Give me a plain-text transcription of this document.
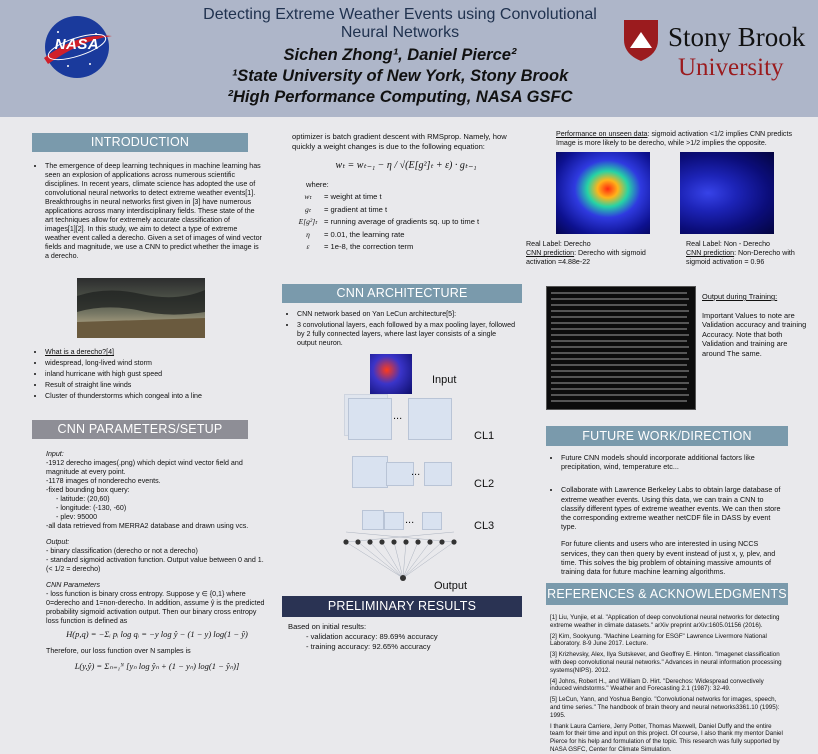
NASA
Detecting Extreme Weather Events using Convolutional Neural Networks
Sichen Zhong¹, Daniel Pierce²
¹State University of New York, Stony Brook
²High Performance Computing, NASA GSFC
Stony Brook
University
INTRODUCTION
• The emergence of deep learning techniques in machine learning has seen an explosion of applications across numerous scientific disciplines. In recent years, climate science has adopted the use of convolutional neural networks to detect extreme weather events[1]. Breakthroughs in neural networks first given in [3] have numerous applications across many interdisciplinary fields. These state of the art techniques allow for extremely accurate classification of images[1][2]. In this study, we aim to detect a type of extreme weather event called a derecho. Given a set of images of wind vector fields and magnitude, we use a CNN to predict whether the image is a derecho.
• What is a derecho?[4]
• widespread, long-lived wind storm
• inland hurricane with high gust speed
• Result of straight line winds
• Cluster of thunderstorms which congeal into a line
CNN PARAMETERS/SETUP
Input:
-1912 derecho images(.png) which depict wind vector field and magnitude at every point.
-1178 images of nonderecho events.
-fixed bounding box query:
- latitude: (20,60)
- longitude: (-130, -60)
- plev: 95000
-all data retrieved from MERRA2 database and drawn using vcs.
Output:
- binary classification (derecho or not a derecho)
- standard sigmoid activation function. Output value between 0 and 1. (< 1/2 = derecho)
CNN Parameters
- loss function is binary cross entropy. Suppose y ∈ {0,1} where 0=derecho and 1=non-derecho. In addition, assume ŷ is the predicted probability sigmoid activation output. Then our binary cross entropy loss function is defined as
H(p,q) = −Σᵢ pᵢ log qᵢ = −y log ŷ − (1 − y) log(1 − ŷ)
Therefore, our loss function over N samples is
L(y,ŷ) = Σₙ₌₁ᴺ [yₙ log ŷₙ + (1 − yₙ) log(1 − ŷₙ)]
optimizer is batch gradient descent with RMSprop. Namely, how quickly a weight changes is due to the following equation:
wₜ = wₜ₋₁ − η / √(E[g²]ₜ + ε) · gₜ₋₁
where:
wₜ = weight at time t
gₜ = gradient at time t
E[g²]ₜ = running average of gradients sq. up to time t
η = 0.01, the learning rate
ε = 1e-8, the correction term
CNN ARCHITECTURE
• CNN network based on Yan LeCun architecture[5]:
• 3 convolutional layers, each followed by a max pooling layer, followed by 2 fully connected layers, where last layer consists of a single output neuron.
Input
...
CL1
...
CL2
...	CL3
Output
PRELIMINARY RESULTS
Based on initial results:
- validation accuracy: 89.69% accuracy
- training accuracy: 92.65% accuracy
Performance on unseen data: sigmoid activation <1/2 implies CNN predicts Image is more likely to be derecho, while >1/2 implies the opposite.
Real Label: Derecho
CNN prediction: Derecho with sigmoid activation =4.88e-22
Real Label: Non - Derecho
CNN prediction: Non-Derecho with sigmoid activation = 0.96
Output during Training:
Important Values to note are Validation accuracy and training Accuracy. Note that both Validation and training are around The same.
FUTURE WORK/DIRECTION
• Future CNN models should incorporate additional factors like precipitation, wind, temperature etc...
• Collaborate with Lawrence Berkeley Labs to obtain large database of extreme weather events. Using this data, we can train a CNN to classify different types of extreme weather events. We can then store the corresponding extreme weather netCDF file in DASS by event type.
For future clients and users who are interested in using NCCS services, they can then query by event instead of just x, y, plev, and time. This solves the big problem of obtaining massive amounts of training data for future machine learning algorithms.
REFERENCES & ACKNOWLEDGMENTS
[1] Liu, Yunjie, et al. "Application of deep convolutional neural networks for detecting extreme weather in climate datasets." arXiv preprint arXiv:1605.01156 (2016).
[2] Kim, Sookyung. "Machine Learning for ESGF" Lawrence Livermore National Laboratory. 8-9 June 2017. Lecture.
[3] Krizhevsky, Alex, Ilya Sutskever, and Geoffrey E. Hinton. "Imagenet classification with deep convolutional neural networks." Advances in neural information processing systems(NIPS). 2012.
[4] Johns, Robert H., and William D. Hirt. "Derechos: Widespread convectively induced windstorms." Weather and Forecasting 2.1 (1987): 32-49.
[5] LeCun, Yann, and Yoshua Bengio. "Convolutional networks for images, speech, and time series." The handbook of brain theory and neural networks3361.10 (1995): 1995.
I thank Laura Carriere, Jerry Potter, Thomas Maxwell, Daniel Duffy and the entire team for their time and input on this project. Of course, I also thank my mentor Daniel Pierce for his help and formulation of the topic. This research was fully supported by NASA GSFC, Center for Climate Simulation.
